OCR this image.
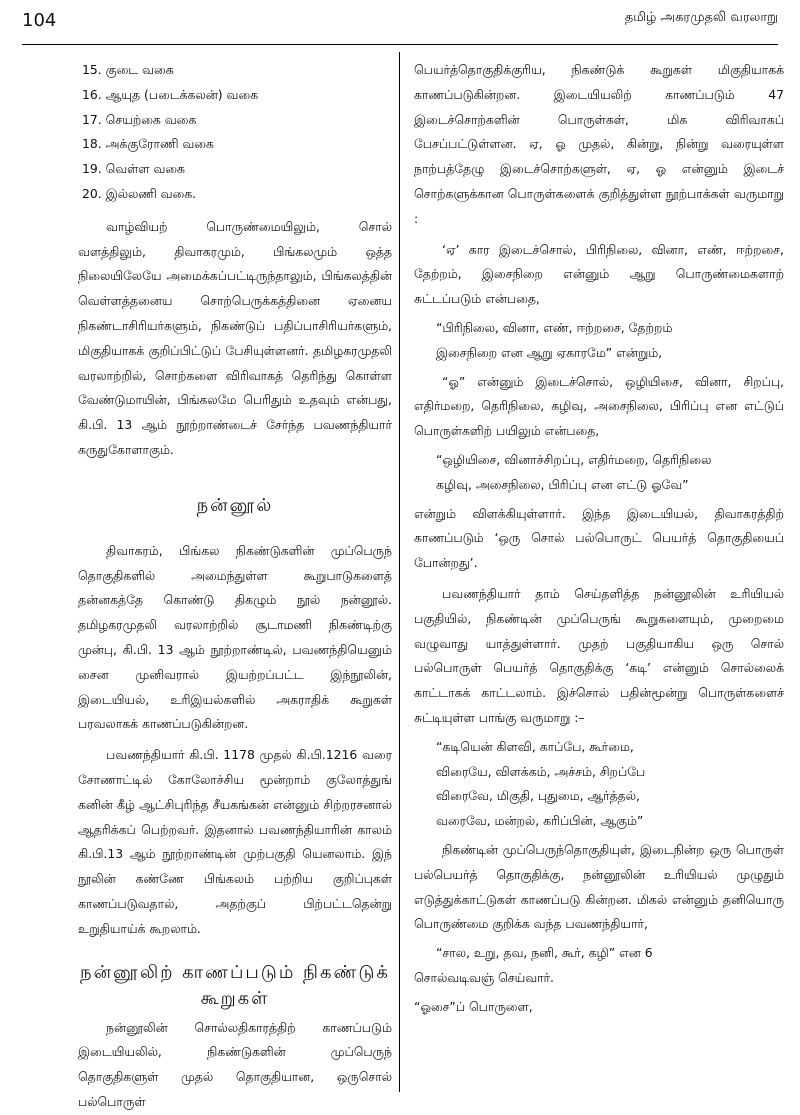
104	தமிழ் அகரமுதலி வரலாறு
15. குடை வகை
16. ஆயுத (படைக்கலன்) வகை
17. செயற்கை வகை
18. அக்குரோணி வகை
19. வெள்ள வகை
20. இல்லணி வகை.

வாழ்வியற் பொருண்மையிலும், சொல் வளத்திலும், திவாகரமும், பிங்கலமும் ஒத்த நிலையிலேயே அமைக்கப்பட்டிருந்தாலும், பிங்கலத்தின் வெள்ளத்தனைய சொற்பெருக்கத்தினை ஏனைய நிகண்டாசிரியர்களும், நிகண்டுப் பதிப்பாசிரியர்களும், மிகுதியாகக் குறிப்பிட்டுப் பேசியுள்ளனர். தமிழகரமுதலி வரலாற்றில், சொற்களை விரிவாகத் தெரிந்து கொள்ள வேண்டுமாயின், பிங்கலமே பெரிதும் உதவும் என்பது, கி.பி. 13 ஆம் நூற்றாண்டைச் சேர்ந்த பவணந்தியார் கருதுகோளாகும்.

நன்னூல்

திவாகரம், பிங்கல நிகண்டுகளின் முப்பெருந் தொகுதிகளில் அமைந்துள்ள கூறுபாடுகளைத் தன்னகத்தே கொண்டு திகழும் நூல் நன்னூல். தமிழகரமுதலி வரலாற்றில் சூடாமணி நிகண்டிற்கு முன்பு, கி.பி. 13 ஆம் நூற்றாண்டில், பவணந்தியெனும் சைன முனிவரால் இயற்றப்பட்ட இந்நூலின், இடையியல், உரிஇயல்களில் அகராதிக் கூறுகள் பரவலாகக் காணப்படுகின்றன.

பவணந்தியார் கி.பி. 1178 முதல் கி.பி.1216 வரை சோணாட்டில் கோலோச்சிய மூன்றாம் குலோத்துங் கனின் கீழ் ஆட்சிபுரிந்த சீயகங்கன் என்னும் சிற்றரசனால் ஆதரிக்கப் பெற்றவர். இதனால் பவணந்தியாரின் காலம் கி.பி.13 ஆம் நூற்றாண்டின் முற்பகுதி யெனலாம். இந் நூலின் கண்ணே பிங்கலம் பற்றிய குறிப்புகள் காணப்படுவதால், அதற்குப் பிற்பட்டதென்று உறுதியாய்க் கூறலாம்.

நன்னூலிற் காணப்படும் நிகண்டுக்
கூறுகள்

நன்னூலின் சொல்லதிகாரத்திற் காணப்படும் இடையியலில், நிகண்டுகளின் முப்பெருந் தொகுதிகளுள் முதல் தொகுதியான, ஒருசொல் பல்பொருள்

பெயர்த்தொகுதிக்குரிய, நிகண்டுக் கூறுகள் மிகுதியாகக் காணப்படுகின்றன. இடையியலிற் காணப்படும் 47 இடைச்சொற்களின் பொருள்கள், மிக விரிவாகப் பேசப்பட்டுள்ளன. ஏ, ஓ முதல், கின்று, நின்று வரையுள்ள நாற்பத்தேழு இடைச்சொற்களுள், ஏ, ஓ என்னும் இடைச் சொற்களுக்கான பொருள்களைக் குறித்துள்ள நூற்பாக்கள் வருமாறு :

‘ஏ’ கார இடைச்சொல், பிரிநிலை, வினா, எண், ஈற்றசை, தேற்றம், இசைநிறை என்னும் ஆறு பொருண்மைகளாற் சுட்டப்படும் என்பதை,

“பிரிநிலை, வினா, எண், ஈற்றசை, தேற்றம்

இசைநிறை என ஆறு ஏகாரமே” என்றும்,

“ஓ” என்னும் இடைச்சொல், ஒழியிசை, வினா, சிறப்பு, எதிர்மறை, தெரிநிலை, கழிவு, அசைநிலை, பிரிப்பு என எட்டுப் பொருள்களிற் பயிலும் என்பதை,

“ஒழியிசை, வினாச்சிறப்பு, எதிர்மறை, தெரிநிலை

கழிவு, அசைநிலை, பிரிப்பு என எட்டு ஓவே”

என்றும் விளக்கியுள்ளார். இந்த இடையியல், திவாகரத்திற் காணப்படும் ‘ஒரு சொல் பல்பொருட் பெயர்த் தொகுதியைப் போன்றது’.

பவணந்தியார் தாம் செய்தளித்த நன்னூலின் உரியியல் பகுதியில், நிகண்டின் முப்பெருங் கூறுகளையும், முறைமை வழுவாது யாத்துள்ளார். முதற் பகுதியாகிய ஒரு சொல் பல்பொருள் பெயர்த் தொகுதிக்கு ‘கடி’ என்னும் சொல்லைக் காட்டாகக் காட்டலாம். இச்சொல் பதின்மூன்று பொருள்களைச் சுட்டியுள்ள பாங்கு வருமாறு :–

“கடியென் கிளவி, காப்பே, கூர்மை,

விரையே, விளக்கம், அச்சம், சிறப்பே

விரைவே, மிகுதி, புதுமை, ஆர்த்தல்,

வரைவே, மன்றல், கரிப்பின், ஆகும்”

நிகண்டின் முப்பெருந்தொகுதியுள், இடைநின்ற ஒரு பொருள் பல்பெயர்த் தொகுதிக்கு, நன்னூலின் உரியியல் முழுதும் எடுத்துக்காட்டுகள் காணப்படு கின்றன. மிகல் என்னும் தனியொரு பொருண்மை குறிக்க வந்த பவணந்தியார்,

“சால, உறு, தவ, நனி, கூர், கழி” என 6

சொல்வடிவஞ் செய்வார்.

“ஓசை”ப் பொருளை,
